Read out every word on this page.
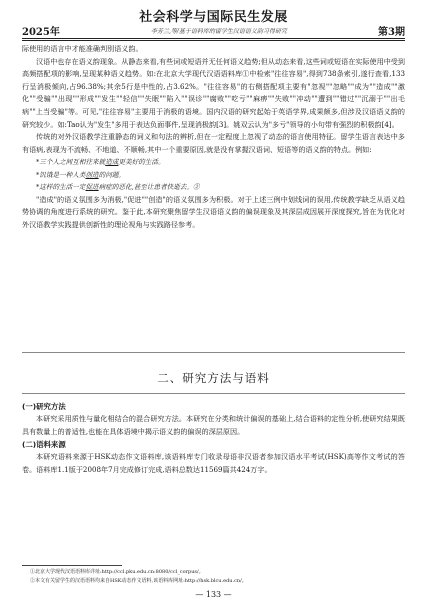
社会科学与国际民生发展
2025年	李芳兰,等/基于语料库的留学生汉语语义韵习得研究	第3期

际使用的语言中才能准确判别语义韵。

汉语中也存在语义韵现象。从静态来看,有些词或短语并无任何语义趋势;但从动态来看,这些词或短语在实际使用中受到高频搭配项的影响,呈现某种语义趋势。如:在北京大学现代汉语语料库①中检索"往往容易",得到738条索引,遂行查看,133行呈消极倾向,占96.38%;其余5行是中性的,占3.62%。"往往容易"的右侧搭配项主要有"忽视""忽略""成为""造成""激化""受骗""出现""形成""发生""轻信""失眠""陷入""误诊""腐败""吃亏""麻痹""失败""冲动""遭到""错过""沉溺于""出毛病""上当受骗"等。可见,"往往容易"主要用于消极的语境。国内汉语的研究起始于英语学界,成果颇多,但涉及汉语语义韵的研究较少。如:Tao认为"发生"多用于表达负面事件,呈现消极韵[3]。姚双云认为"多亏"领导的小句带有强烈的积极韵[4]。

传统的对外汉语教学注重静态的词义和句法的辨析,但在一定程度上忽视了动态的语言使用特征。留学生语言表达中多有语病,表现为不流畅、不地道、不顺畅,其中一个重要原因,就是没有掌握汉语词、短语等的语义韵的特点。例如:

*三个人之间互相往来就造成更美好的生活。

*饥饿是一种人类创造的问题。

*这样的生活一定促进病症的恶化,甚至让患者快逝去。②

"造成"的语义氛围多为消极,"促进""创造"的语义氛围多为积极。对于上述三例中划线词的误用,传统教学缺乏从语义趋势协调的角度进行系统的研究。鉴于此,本研究聚焦留学生汉语语义韵的偏误现象及其深层成因展开深度探究,旨在为优化对外汉语教学实践提供创新性的理论视角与实践路径参考。

二、研究方法与语料

(一)研究方法

本研究采用质性与量化相结合的混合研究方法。本研究在分类和统计偏误的基础上,结合语料的定性分析,使研究结果既具有数量上的普适性,也能在具体语境中揭示语义韵的偏误的深层原因。

(二)语料来源

本研究语料来源于HSK动态作文语料库,该语料库专门收录母语非汉语者参加汉语水平考试(HSK)高等作文考试的答卷。语料库1.1版于2008年7月完成修订完成,语料总数达11569篇共424万字。

①北京大学现代汉语语料库详址:http://ccl.pku.edu.cn:8080/ccl_corpus/。
②本文有关留学生的汉语语料均来自HSK动态作文语料,该语料库网址:http://hsk.blcu.edu.cn/。
— 133 —
